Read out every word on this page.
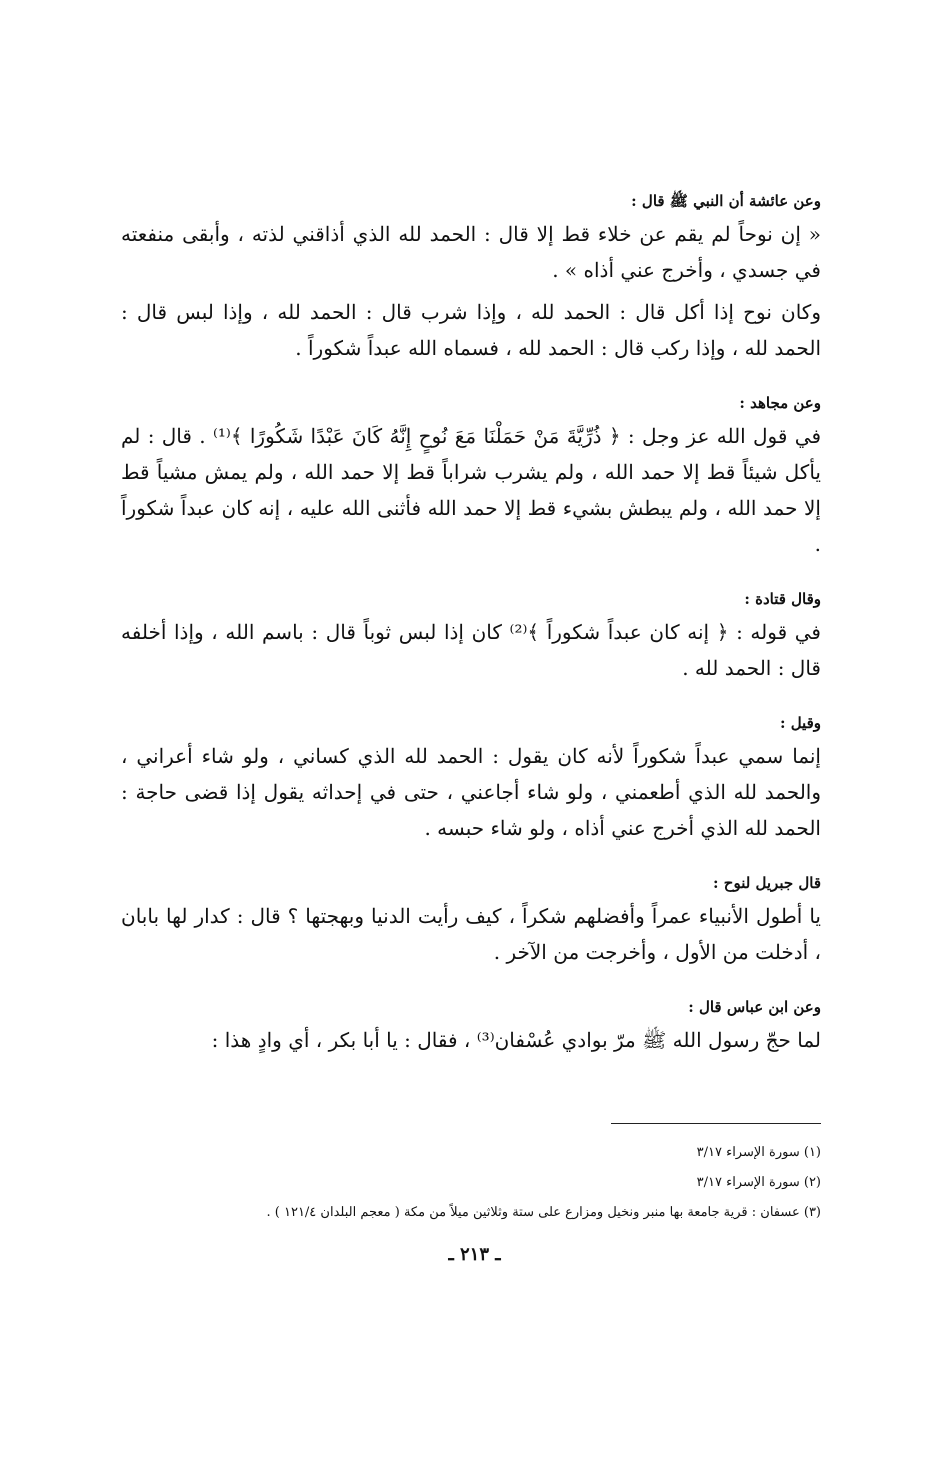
وعن عائشة أن النبي ﷺ قال :

« إن نوحاً لم يقم عن خلاء قط إلا قال : الحمد لله الذي أذاقني لذته ، وأبقى منفعته في جسدي ، وأخرج عني أذاه » .

وكان نوح إذا أكل قال : الحمد لله ، وإذا شرب قال : الحمد لله ، وإذا لبس قال : الحمد لله ، وإذا ركب قال : الحمد لله ، فسماه الله عبداً شكوراً .

وعن مجاهد :

في قول الله عز وجل : ﴿ ذُرِّيَّةَ مَنْ حَمَلْنَا مَعَ نُوحٍ إِنَّهُ كَانَ عَبْدًا شَكُورًا ﴾⁽¹⁾ . قال : لم يأكل شيئاً قط إلا حمد الله ، ولم يشرب شراباً قط إلا حمد الله ، ولم يمش مشياً قط إلا حمد الله ، ولم يبطش بشيء قط إلا حمد الله فأثنى الله عليه ، إنه كان عبداً شكوراً .

وقال قتادة :

في قوله : ﴿ إنه كان عبداً شكوراً ﴾⁽²⁾ كان إذا لبس ثوباً قال : باسم الله ، وإذا أخلفه قال : الحمد لله .

وقيل :

إنما سمي عبداً شكوراً لأنه كان يقول : الحمد لله الذي كساني ، ولو شاء أعراني ، والحمد لله الذي أطعمني ، ولو شاء أجاعني ، حتى في إحداثه يقول إذا قضى حاجة : الحمد لله الذي أخرج عني أذاه ، ولو شاء حبسه .

قال جبريل لنوح :

يا أطول الأنبياء عمراً وأفضلهم شكراً ، كيف رأيت الدنيا وبهجتها ؟ قال : كدار لها بابان ، أدخلت من الأول ، وأخرجت من الآخر .

وعن ابن عباس قال :

لما حجّ رسول الله ﷺ مرّ بوادي عُسْفان⁽³⁾ ، فقال : يا أبا بكر ، أي وادٍ هذا :

(١) سورة الإسراء ٣/١٧

(٢) سورة الإسراء ٣/١٧

(٣) عسفان : قرية جامعة بها منبر ونخيل ومزارع على ستة وثلاثين ميلاً من مكة ( معجم البلدان ١٢١/٤ ) .

ـ ٢١٣ ـ
